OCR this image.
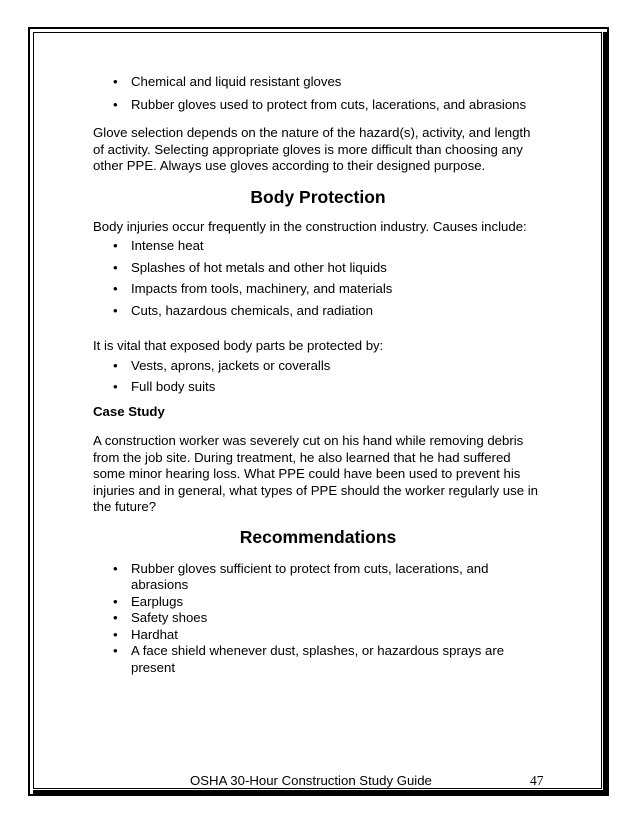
• Chemical and liquid resistant gloves
• Rubber gloves used to protect from cuts, lacerations, and abrasions

Glove selection depends on the nature of the hazard(s), activity, and length of activity. Selecting appropriate gloves is more difficult than choosing any other PPE. Always use gloves according to their designed purpose.

Body Protection

Body injuries occur frequently in the construction industry. Causes include:

• Intense heat
• Splashes of hot metals and other hot liquids
• Impacts from tools, machinery, and materials
• Cuts, hazardous chemicals, and radiation

It is vital that exposed body parts be protected by:

• Vests, aprons, jackets or coveralls
• Full body suits

Case Study

A construction worker was severely cut on his hand while removing debris from the job site. During treatment, he also learned that he had suffered some minor hearing loss. What PPE could have been used to prevent his injuries and in general, what types of PPE should the worker regularly use in the future?

Recommendations
• Rubber gloves sufficient to protect from cuts, lacerations, and abrasions
• Earplugs
• Safety shoes
• Hardhat
• A face shield whenever dust, splashes, or hazardous sprays are present
OSHA 30-Hour Construction Study Guide	47
